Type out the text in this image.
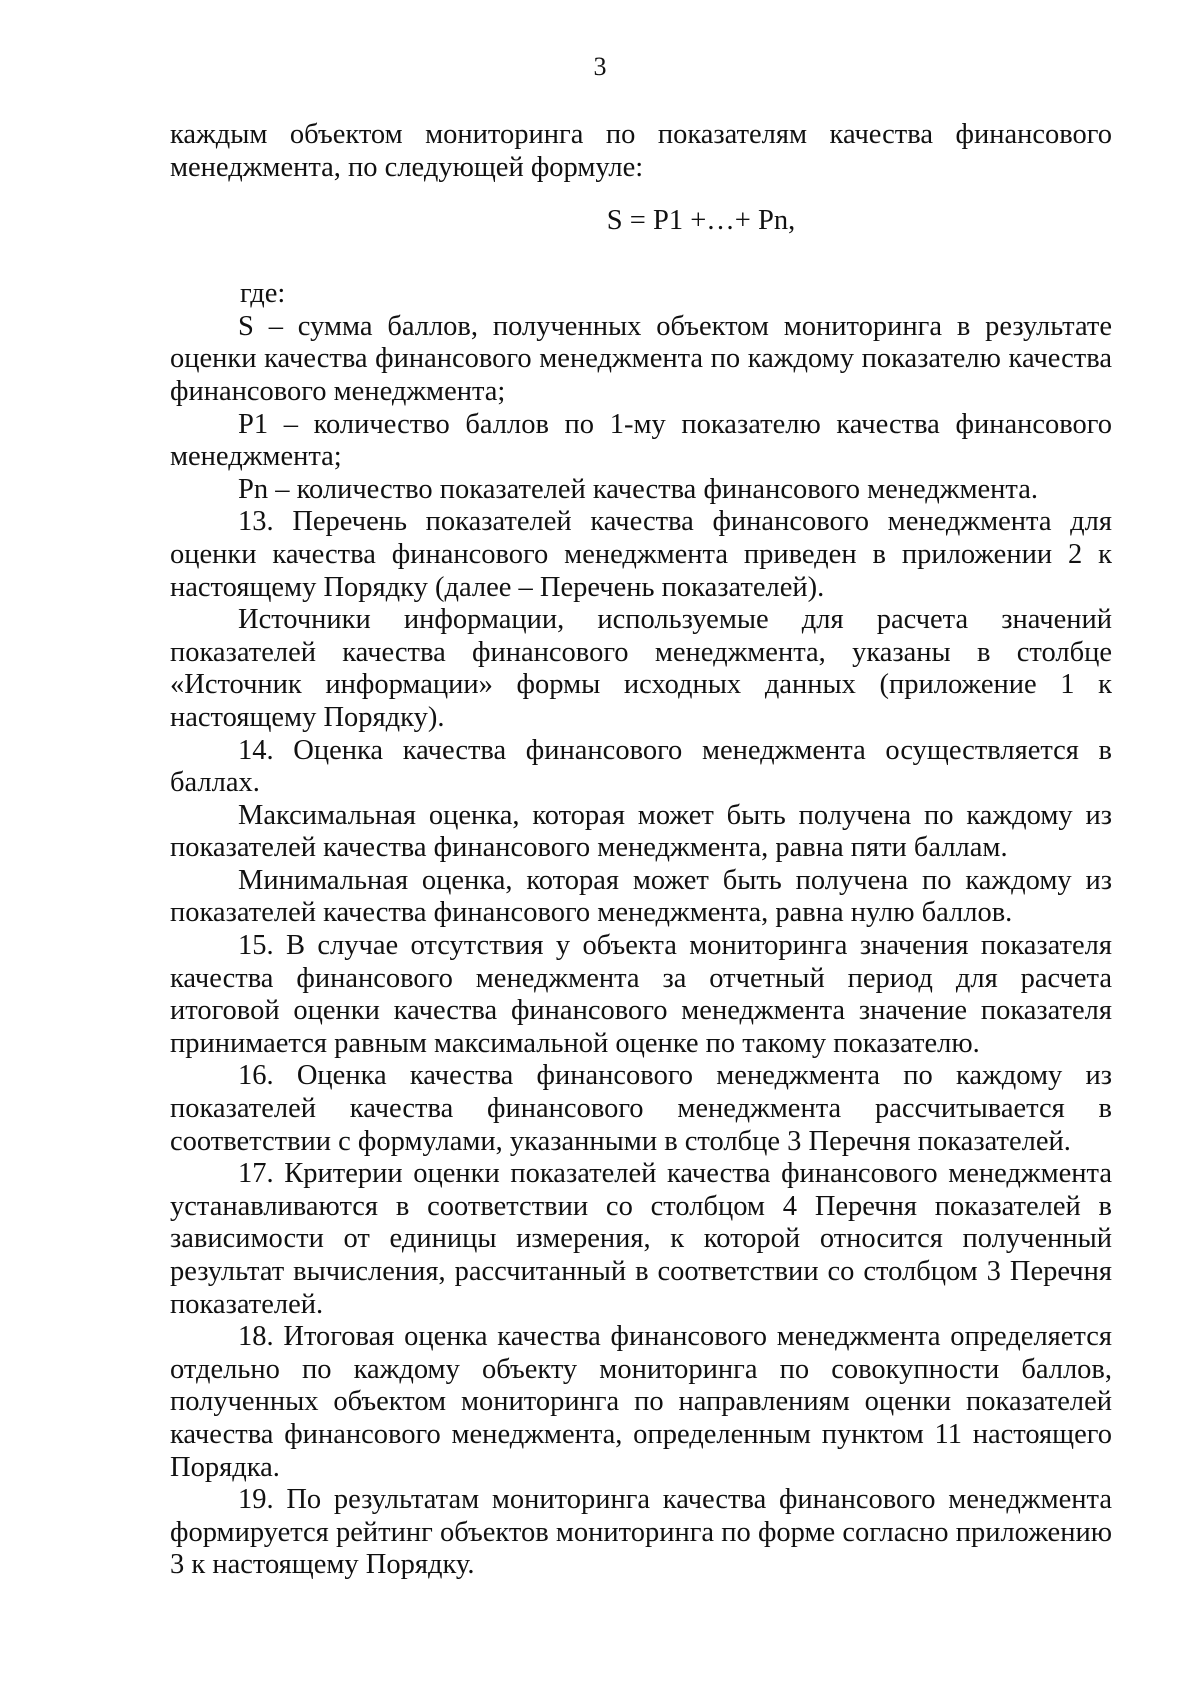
3

каждым объектом мониторинга по показателям качества финансового менеджмента, по следующей формуле:

S = P1 +…+ Pn,

где:

S – сумма баллов, полученных объектом мониторинга в результате оценки качества финансового менеджмента по каждому показателю качества финансового менеджмента;

P1 – количество баллов по 1-му показателю качества финансового менеджмента;

Pn – количество показателей качества финансового менеджмента.

13. Перечень показателей качества финансового менеджмента для оценки качества финансового менеджмента приведен в приложении 2 к настоящему Порядку (далее – Перечень показателей).

Источники информации, используемые для расчета значений показателей качества финансового менеджмента, указаны в столбце «Источник информации» формы исходных данных (приложение 1 к настоящему Порядку).

14. Оценка качества финансового менеджмента осуществляется в баллах.

Максимальная оценка, которая может быть получена по каждому из показателей качества финансового менеджмента, равна пяти баллам.

Минимальная оценка, которая может быть получена по каждому из показателей качества финансового менеджмента, равна нулю баллов.

15. В случае отсутствия у объекта мониторинга значения показателя качества финансового менеджмента за отчетный период для расчета итоговой оценки качества финансового менеджмента значение показателя принимается равным максимальной оценке по такому показателю.

16. Оценка качества финансового менеджмента по каждому из показателей качества финансового менеджмента рассчитывается в соответствии с формулами, указанными в столбце 3 Перечня показателей.

17. Критерии оценки показателей качества финансового менеджмента устанавливаются в соответствии со столбцом 4 Перечня показателей в зависимости от единицы измерения, к которой относится полученный результат вычисления, рассчитанный в соответствии со столбцом 3 Перечня показателей.

18. Итоговая оценка качества финансового менеджмента определяется отдельно по каждому объекту мониторинга по совокупности баллов, полученных объектом мониторинга по направлениям оценки показателей качества финансового менеджмента, определенным пунктом 11 настоящего Порядка.

19. По результатам мониторинга качества финансового менеджмента формируется рейтинг объектов мониторинга по форме согласно приложению 3 к настоящему Порядку.
